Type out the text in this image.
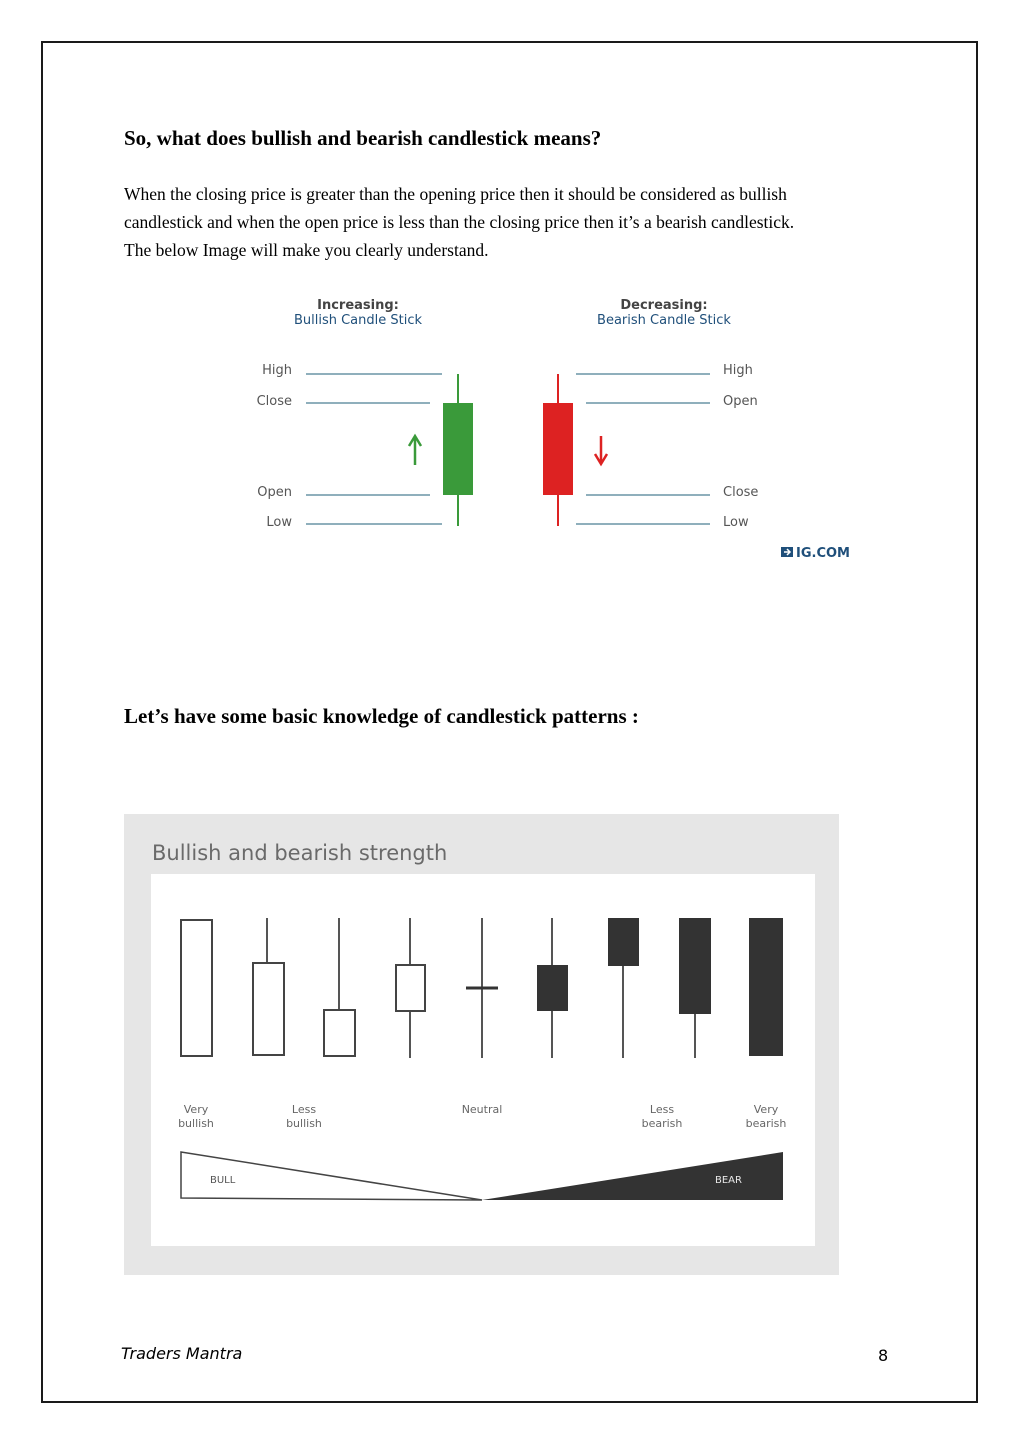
So, what does bullish and bearish candlestick means?

When the closing price is greater than the opening price then it should be considered as bullish
candlestick and when the open price is less than the closing price then it’s a bearish candlestick.
The below Image will make you clearly understand.

Increasing:
Bullish Candle Stick
Decreasing:
Bearish Candle Stick
High
Close
Open
Low
High
Open
Close
Low
IG.COM
Let’s have some basic knowledge of candlestick patterns :
Bullish and bearish strength
Very
bullish
Less
bullish
Neutral	Less
bearish
Very
bearish
BULL	BEAR
Traders Mantra	8
